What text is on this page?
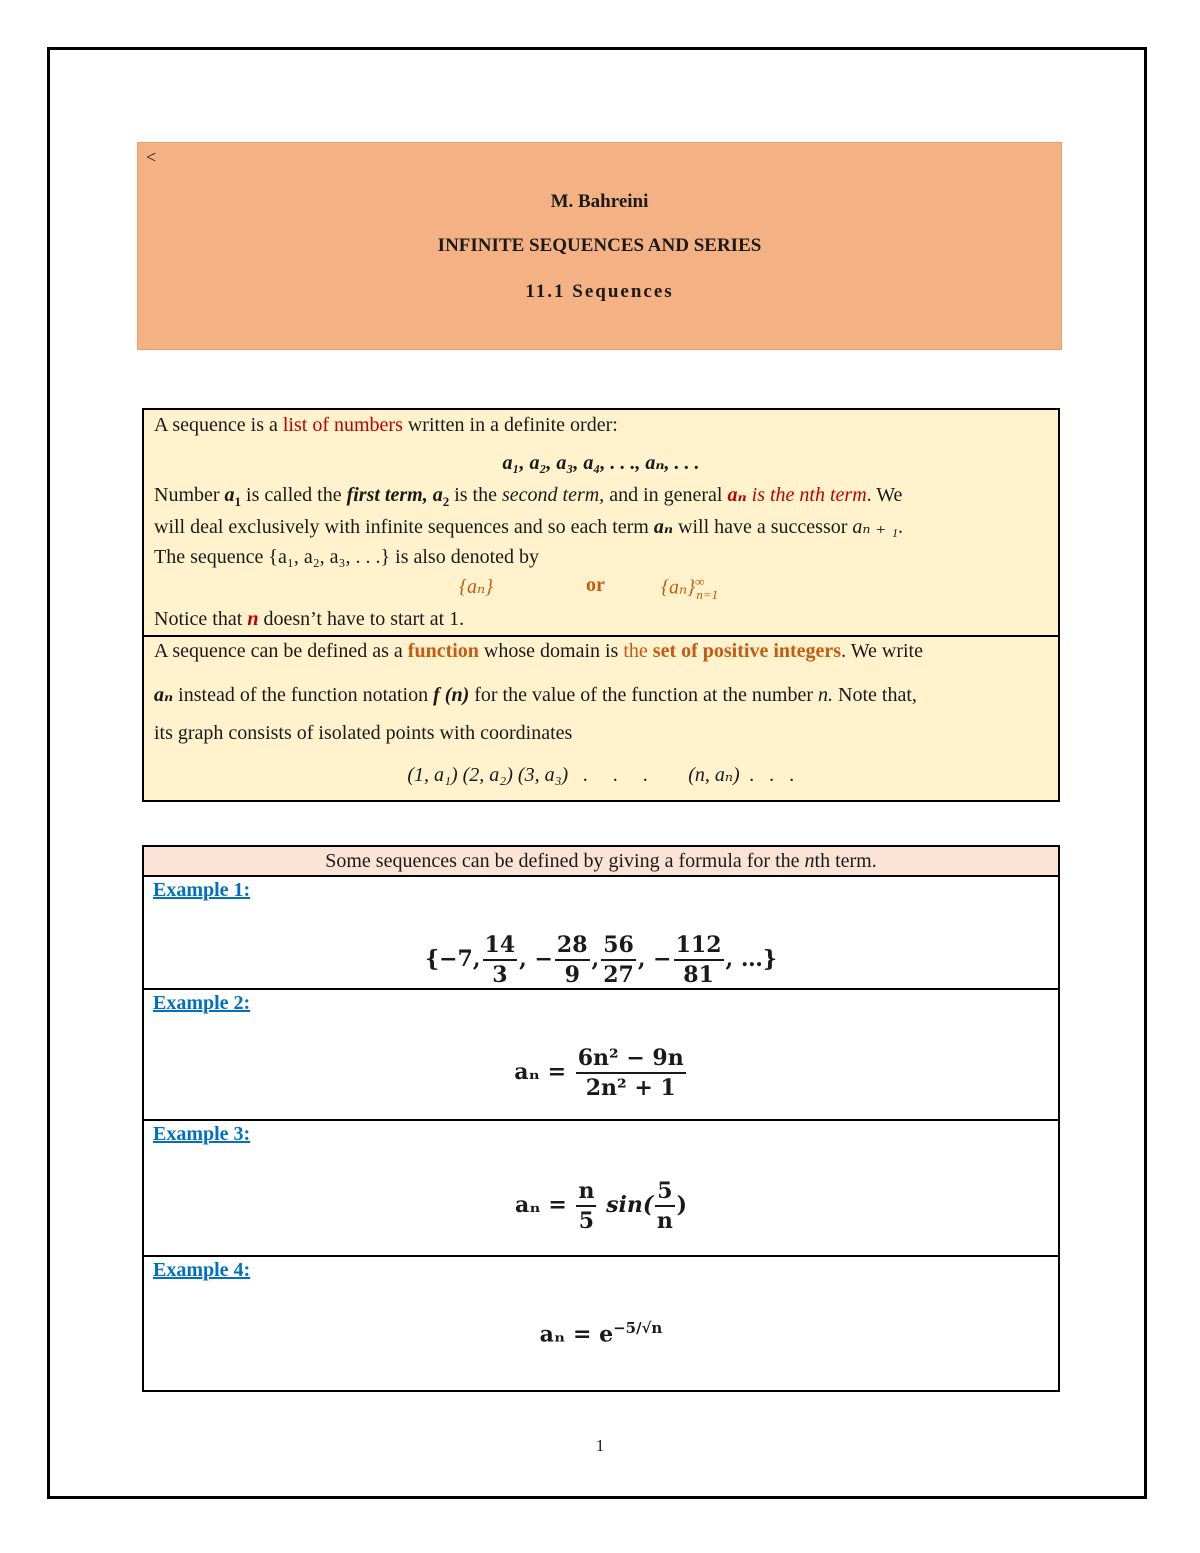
<
M. Bahreini
INFINITE SEQUENCES AND SERIES
11.1 Sequences
A sequence is a list of numbers written in a definite order:
a₁, a₂, a₃, a₄, . . ., aₙ, . . .
Number $a_1$ is called the first term, $a_2$ is the second term, and in general aₙ is the nth term. We
will deal exclusively with infinite sequences and so each term aₙ will have a successor aₙ ₊ ₁.
The sequence {a₁, a₂, a₃, . . .} is also denoted by
{aₙ}	or	$\{a_n\}^\infty_{n=1}$
Notice that n doesn’t have to start at 1.
A sequence can be defined as a function whose domain is the set of positive integers. We write
aₙ instead of the function notation f (n) for the value of the function at the number n. Note that,
its graph consists of isolated points with coordinates
(1, a₁) (2, a₂) (3, a₃)   .     .     .        (n, aₙ)  .   .   .
Some sequences can be defined by giving a formula for the nth term.
Example 1:
{−7, $\frac{14}{3}$ , − $\frac{28}{9}$ , $\frac{56}{27}$ , − $\frac{112}{81}$ , …}
Example 2:
$a_n = \frac{\text{6n² − 9n}}{\text{2n² + 1}}$
Example 3:
$a_n = \frac{n}{5} \sin( \frac{5}{n}$ )
Example 4:
$a_n = e^{-5/√n}$
1
